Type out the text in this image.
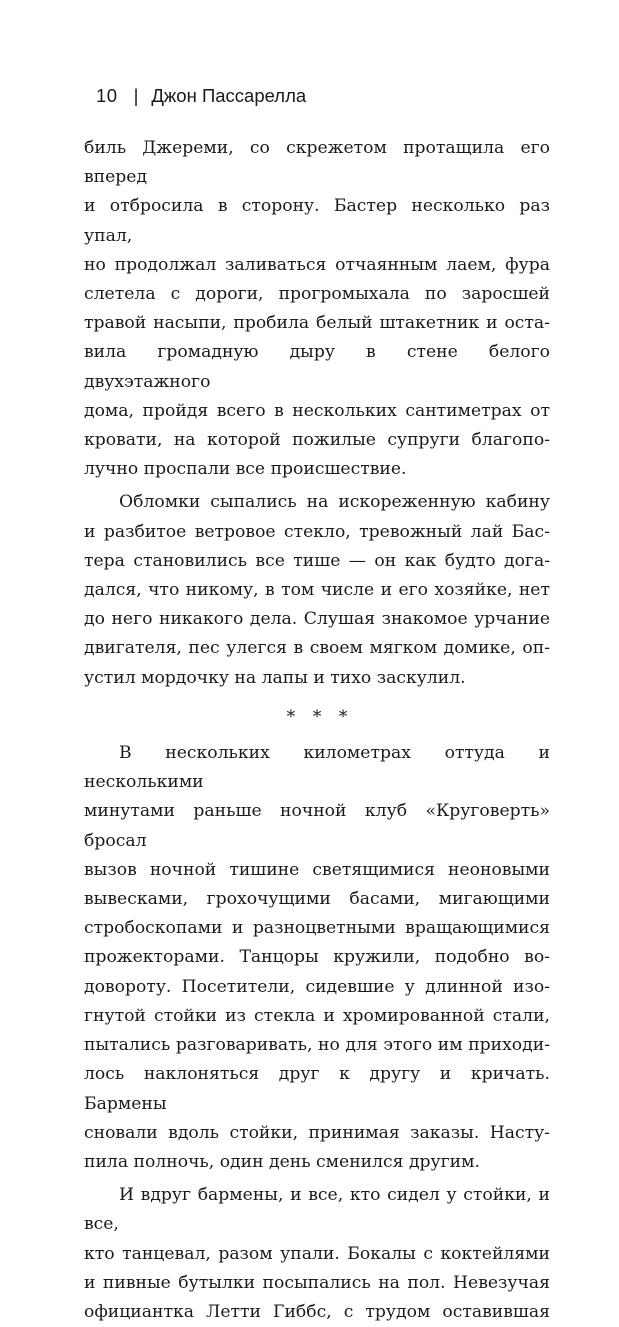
10 | Джон Пассарелла

биль Джереми, со скрежетом протащила его вперед

и отбросила в сторону. Бастер несколько раз упал,

но продолжал заливаться отчаянным лаем, фура

слетела с дороги, прогромыхала по заросшей

травой насыпи, пробила белый штакетник и оста-

вила громадную дыру в стене белого двухэтажного

дома, пройдя всего в нескольких сантиметрах от

кровати, на которой пожилые супруги благопо-

лучно проспали все происшествие.

Обломки сыпались на искореженную кабину

и разбитое ветровое стекло, тревожный лай Бас-

тера становились все тише — он как будто дога-

дался, что никому, в том числе и его хозяйке, нет

до него никакого дела. Слушая знакомое урчание

двигателя, пес улегся в своем мягком домике, оп-

устил мордочку на лапы и тихо заскулил.

* * *

В нескольких километрах оттуда и несколькими

минутами раньше ночной клуб «Круговерть» бросал

вызов ночной тишине светящимися неоновыми

вывесками, грохочущими басами, мигающими

стробоскопами и разноцветными вращающимися

прожекторами. Танцоры кружили, подобно во-

довороту. Посетители, сидевшие у длинной изо-

гнутой стойки из стекла и хромированной стали,

пытались разговаривать, но для этого им приходи-

лось наклоняться друг к другу и кричать. Бармены

сновали вдоль стойки, принимая заказы. Насту-

пила полночь, один день сменился другим.

И вдруг бармены, и все, кто сидел у стойки, и все,

кто танцевал, разом упали. Бокалы с коктейлями

и пивные бутылки посыпались на пол. Невезучая

официантка Летти Гиббс, с трудом оставившая
